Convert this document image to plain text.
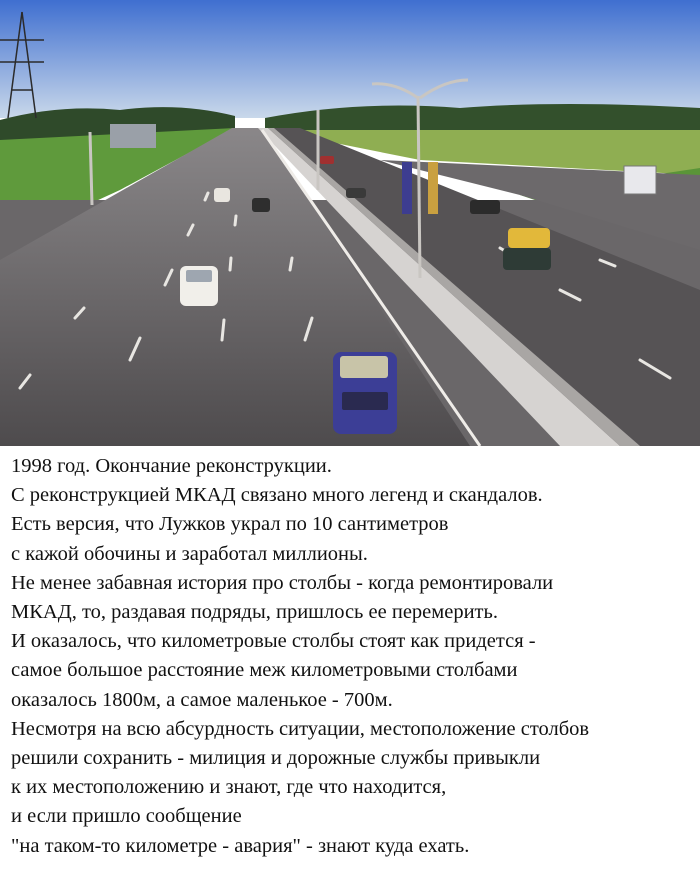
1998 год. Окончание реконструкции.
С реконструкцией МКАД связано много легенд и скандалов.
Есть версия, что Лужков украл по 10 сантиметров
с кажой обочины и заработал миллионы.
Не менее забавная история про столбы - когда ремонтировали
МКАД, то, раздавая подряды, пришлось ее перемерить.
И оказалось, что километровые столбы стоят как придется -
самое большое расстояние меж километровыми столбами
оказалось 1800м, а самое маленькое - 700м.
Несмотря на всю абсурдность ситуации, местоположение столбов
решили сохранить - милиция и дорожные службы привыкли
к их местоположению и знают, где что находится,
и если пришло сообщение
"на таком-то километре - авария" - знают куда ехать.
